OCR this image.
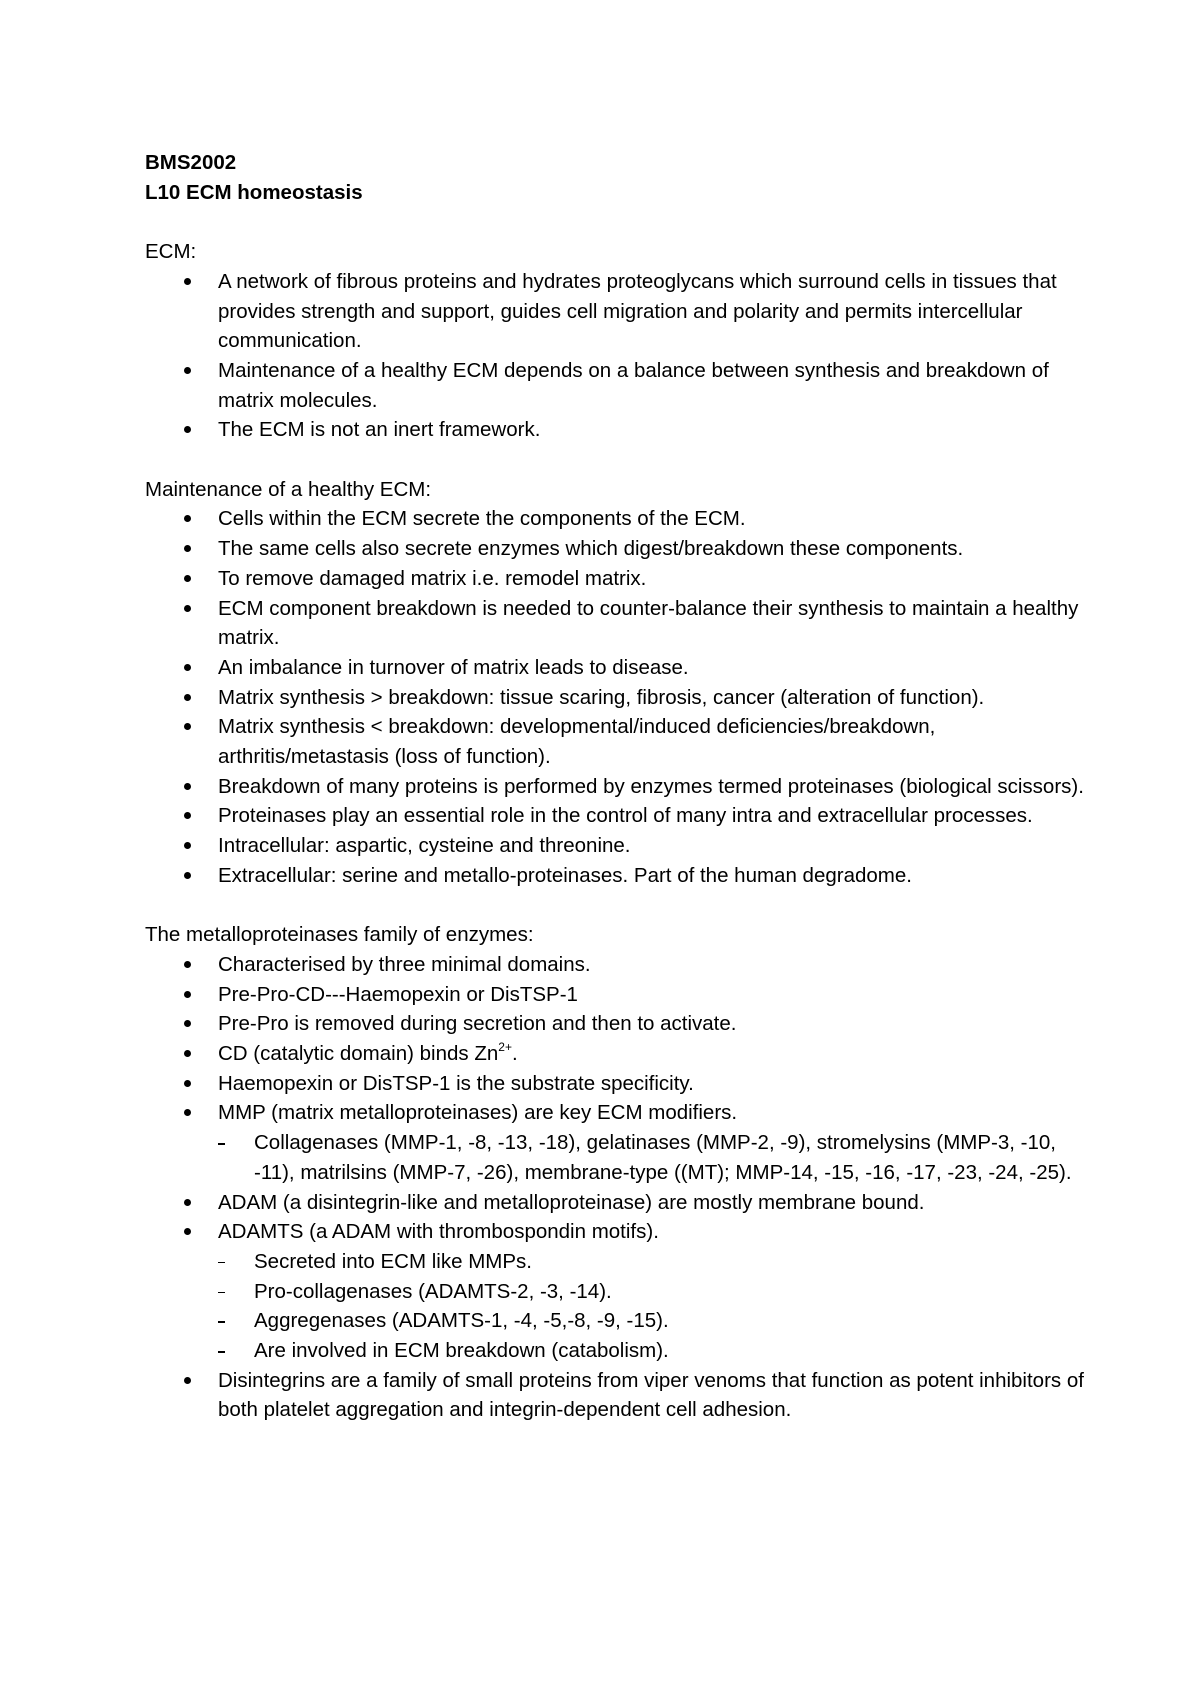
BMS2002
L10 ECM homeostasis
ECM:
A network of fibrous proteins and hydrates proteoglycans which surround cells in tissues that provides strength and support, guides cell migration and polarity and permits intercellular communication.
Maintenance of a healthy ECM depends on a balance between synthesis and breakdown of matrix molecules.
The ECM is not an inert framework.
Maintenance of a healthy ECM:
Cells within the ECM secrete the components of the ECM.
The same cells also secrete enzymes which digest/breakdown these components.
To remove damaged matrix i.e. remodel matrix.
ECM component breakdown is needed to counter-balance their synthesis to maintain a healthy matrix.
An imbalance in turnover of matrix leads to disease.
Matrix synthesis > breakdown: tissue scaring, fibrosis, cancer (alteration of function).
Matrix synthesis < breakdown: developmental/induced deficiencies/breakdown, arthritis/metastasis (loss of function).
Breakdown of many proteins is performed by enzymes termed proteinases (biological scissors).
Proteinases play an essential role in the control of many intra and extracellular processes.
Intracellular: aspartic, cysteine and threonine.
Extracellular: serine and metallo-proteinases. Part of the human degradome.
The metalloproteinases family of enzymes:
Characterised by three minimal domains.
Pre-Pro-CD---Haemopexin or DisTSP-1
Pre-Pro is removed during secretion and then to activate.
CD (catalytic domain) binds $Zn^{2+}$.
Haemopexin or DisTSP-1 is the substrate specificity.
MMP (matrix metalloproteinases) are key ECM modifiers.
Collagenases (MMP-1, -8, -13, -18), gelatinases (MMP-2, -9), stromelysins (MMP-3, -10, -11), matrilsins (MMP-7, -26), membrane-type ((MT); MMP-14, -15, -16, -17, -23, -24, -25).
ADAM (a disintegrin-like and metalloproteinase) are mostly membrane bound.
ADAMTS (a ADAM with thrombospondin motifs).
Secreted into ECM like MMPs.
Pro-collagenases (ADAMTS-2, -3, -14).
Aggregenases (ADAMTS-1, -4, -5,-8, -9, -15).
Are involved in ECM breakdown (catabolism).
Disintegrins are a family of small proteins from viper venoms that function as potent inhibitors of both platelet aggregation and integrin-dependent cell adhesion.
